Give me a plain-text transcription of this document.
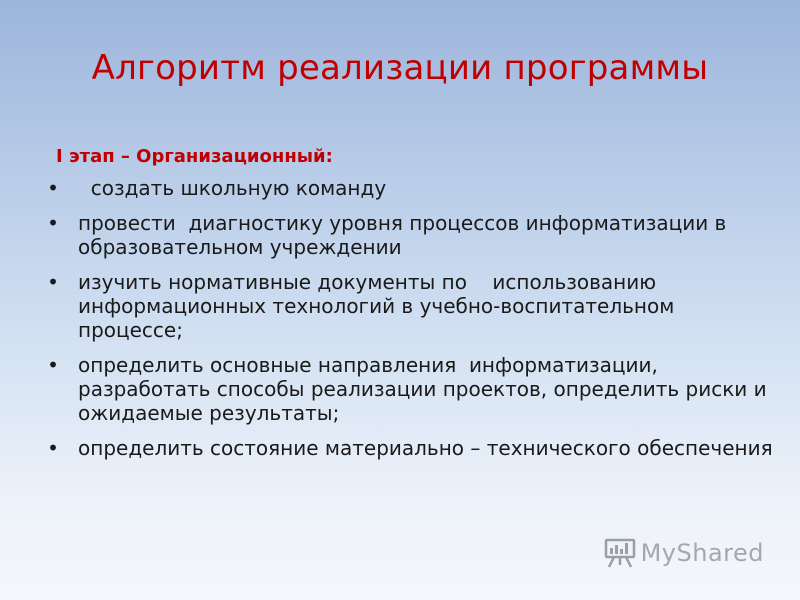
Алгоритм реализации программы
I этап – Организационный:
• создать школьную команду
• провести  диагностику уровня процессов информатизации в образовательном учреждении
• изучить нормативные документы по    использованию информационных технологий в учебно-воспитательном процессе;
• определить основные направления  информатизации, разработать способы реализации проектов, определить риски и  ожидаемые результаты;
• определить состояние материально – технического обеспечения
MyShared
